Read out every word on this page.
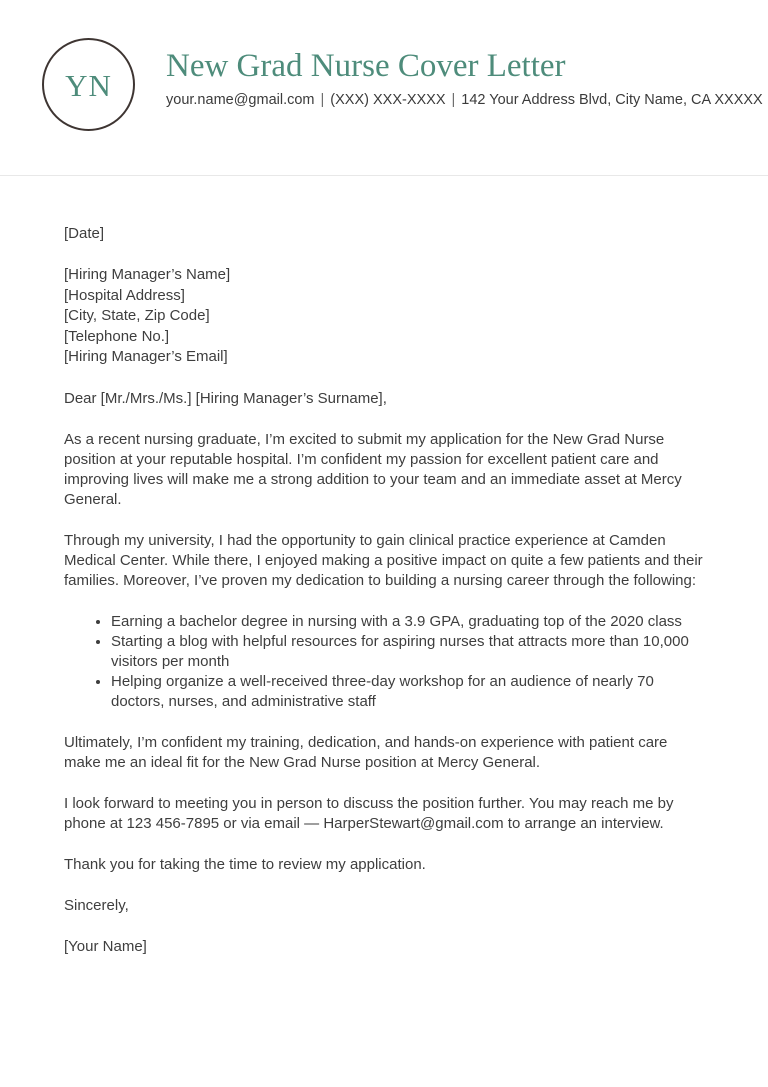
YN
New Grad Nurse Cover Letter
your.name@gmail.com | (XXX) XXX-XXXX | 142 Your Address Blvd, City Name, CA XXXXX
[Date]
[Hiring Manager’s Name]
[Hospital Address]
[City, State, Zip Code]
[Telephone No.]
[Hiring Manager’s Email]
Dear [Mr./Mrs./Ms.] [Hiring Manager’s Surname],

As a recent nursing graduate, I’m excited to submit my application for the New Grad Nurse position at your reputable hospital. I’m confident my passion for excellent patient care and improving lives will make me a strong addition to your team and an immediate asset at Mercy General.

Through my university, I had the opportunity to gain clinical practice experience at Camden Medical Center. While there, I enjoyed making a positive impact on quite a few patients and their families. Moreover, I’ve proven my dedication to building a nursing career through the following:

• Earning a bachelor degree in nursing with a 3.9 GPA, graduating top of the 2020 class
• Starting a blog with helpful resources for aspiring nurses that attracts more than 10,000 visitors per month
• Helping organize a well-received three-day workshop for an audience of nearly 70 doctors, nurses, and administrative staff

Ultimately, I’m confident my training, dedication, and hands-on experience with patient care make me an ideal fit for the New Grad Nurse position at Mercy General.

I look forward to meeting you in person to discuss the position further. You may reach me by phone at 123 456-7895 or via email — HarperStewart@gmail.com to arrange an interview.

Thank you for taking the time to review my application.

Sincerely,
[Your Name]
